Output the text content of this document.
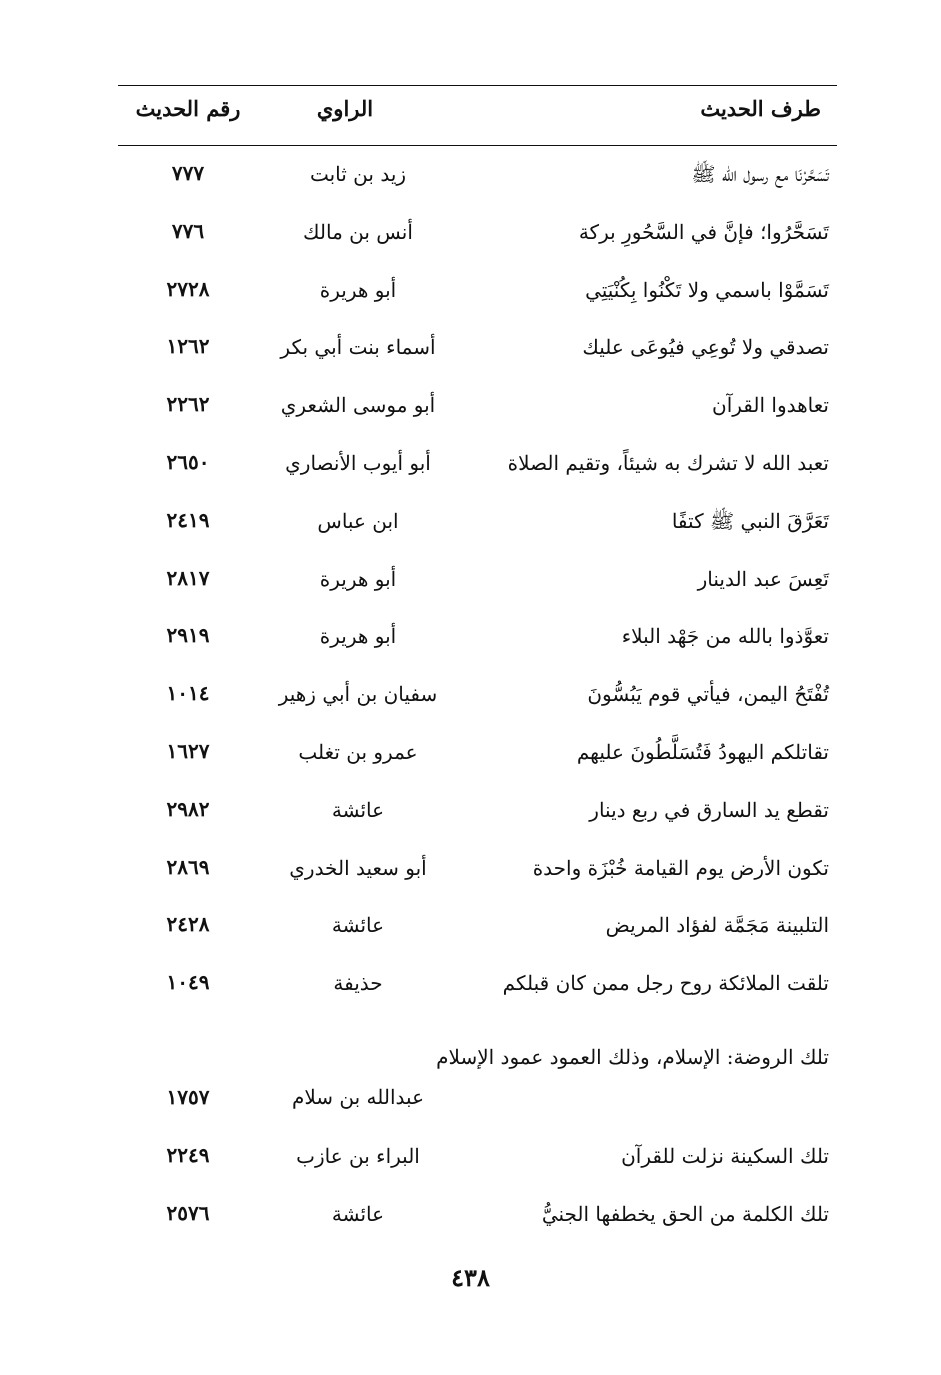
طرف الحديث
الراوي
رقم الحديث
تَسَحَّرْنَا مع رسول الله ﷺ
زيد بن ثابت
٧٧٧
تَسَحَّرُوا؛ فإنَّ في السَّحُورِ بركة
أنس بن مالك
٧٧٦
تَسَمَّوْا باسمي ولا تَكْنُوا بِكُنْيَتِي
أبو هريرة
٢٧٢٨
تصدقي ولا تُوعِي فيُوعَى عليك
أسماء بنت أبي بكر
١٢٦٢
تعاهدوا القرآن
أبو موسى الشعري
٢٢٦٢
تعبد الله لا تشرك به شيئاً، وتقيم الصلاة
أبو أيوب الأنصاري
٢٦٥٠
تَعَرَّقَ النبي ﷺ كتفًا
ابن عباس
٢٤١٩
تَعِسَ عبد الدينار
أبو هريرة
٢٨١٧
تعوَّذوا بالله من جَهْد البلاء
أبو هريرة
٢٩١٩
تُفْتَحُ اليمن، فيأتي قوم يَبُسُّونَ
سفيان بن أبي زهير
١٠١٤
تقاتلكم اليهودُ فَتُسَلَّطُونَ عليهم
عمرو بن تغلب
١٦٢٧
تقطع يد السارق في ربع دينار
عائشة
٢٩٨٢
تكون الأرض يوم القيامة خُبْزَة واحدة
أبو سعيد الخدري
٢٨٦٩
التلبينة مَجَمَّة لفؤاد المريض
عائشة
٢٤٢٨
تلقت الملائكة روح رجل ممن كان قبلكم
حذيفة
١٠٤٩
تلك الروضة: الإسلام، وذلك العمود عمود الإسلام
عبدالله بن سلام
١٧٥٧
تلك السكينة نزلت للقرآن
البراء بن عازب
٢٢٤٩
تلك الكلمة من الحق يخطفها الجنيُّ
عائشة
٢٥٧٦
٤٣٨
